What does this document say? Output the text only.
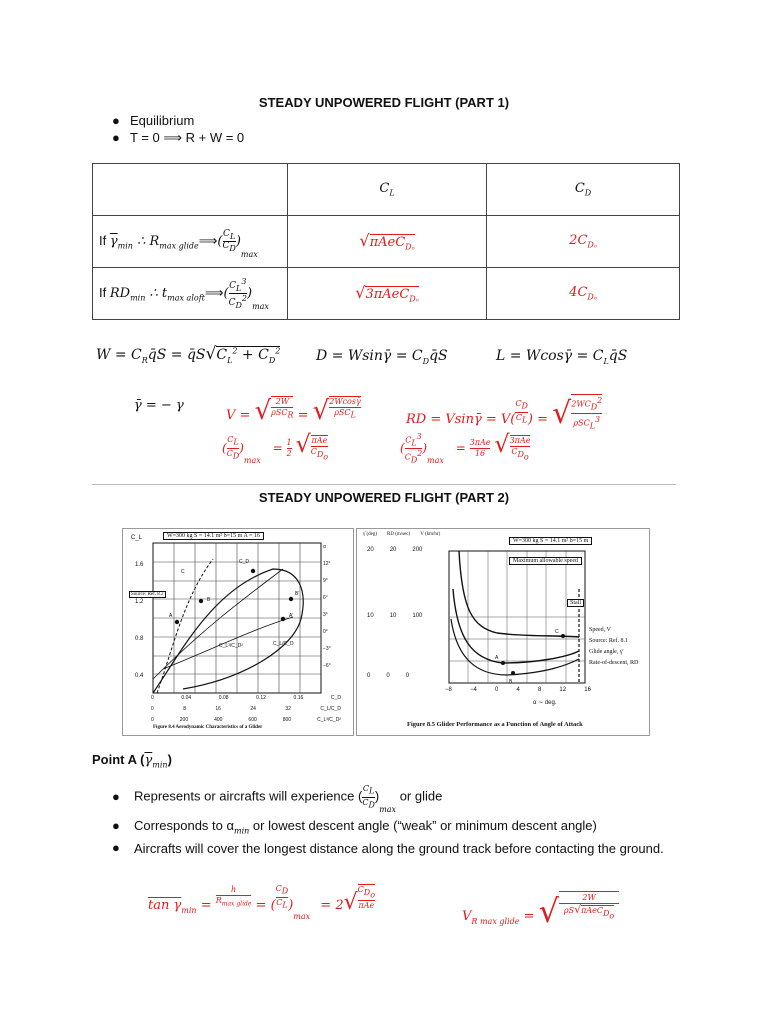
STEADY UNPOWERED FLIGHT (PART 1)
● Equilibrium
● T = 0 ⟹ R + W = 0
	$C_L$	$C_D$
If $\overline{\gamma}_{min}$ ∴ $R_{max glide}⟹( \frac{C_L}{C_D} )_{max}$	√πAeC$_{Do}$	$2C_{Do}$
If $RD_{min}$ ∴ $t_{max aloft}⟹( \frac{C_L^3}{C_D^2} )_{max}$	√3πAeC$_{Do}$	$4C_{Do}$
$W = C_Rq̄S$ = $q̄S√C_L^2 + C_D^2$	D = Wsinγ̄ = $C_Dq̄S$	L = Wcosγ̄ = $C_Lq̄S$
γ̄ = − γ
V = √ 2W
ρSC$_R$ = √ 2Wcosγ̄
ρSC$_L$	RD = Vsinγ̄ = $V( \frac{C_D}{C_L}$ ) = √ $2WC_D^2$
ρSC$_L^3$
( $\frac{C_L}{C_D} )_{max} = \frac{1}{2}$ √ πAe
$C_{D_o}$
( $\frac{C_L^3}{C_D^2} )_{max} = 3\pi Ae$
16 √ 3πAe
$C_{D_o}$
STEADY UNPOWERED FLIGHT (PART 2)
W=300 kg S = 14.1 m² b=15 m A = 16
Source: Ref. 8.2
C_L
1.6
1.2
0.8
0.4
α
12°
9°
6°
3°
0°
−3°
−6°
C
B
A
B'
A'
C_L³/C_D²	C_L/C_D
C_D
0	0.04	0.08	0.12	0.16	C_D
0	8	16	24	32	C_L/C_D
0	200	400	600	800	C_L³/C_D²
Figure 8.4 Aerodynamic Characteristics of a Glider
W=300 kg S = 14.1 m² b=15 m
Maximum allowable speed
Stall
Speed, V
Source: Ref. 8.1
Glide angle, γ̄
Rate-of-descent, RD
γ̄ (deg) RD (m/sec) V (km/hr)
20	20	200
10	10	100
0	0	0
A
B
C
−8	−4	0	4	8	12	16
α ∼ deg.
Figure 8.5 Glider Performance as a Function of Angle of Attack
Point A $(\overline{\gamma}_{min})$
● Represents or aircrafts will experience ( $\frac{C_L}{C_D} )_{max}$ or glide
● Corresponds to $\alpha_{min}$ or lowest descent angle (“weak” or minimum descent angle)
●	Aircrafts will cover the longest distance along the ground track before contacting the ground.
$\tan \gamma_{min}$ =
h
$R_{max glide}$ = ( $\frac{C_D}{C_L} )_{max} = 2√$
$C_{D_o}$
πAe
$V_{R max glide}$ = √	2W
ρS√πAeC$_{D_o}$
